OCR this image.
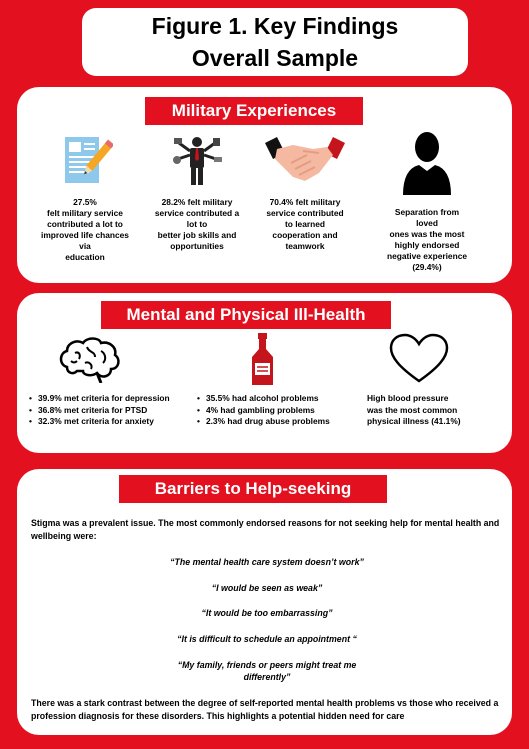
Figure 1. Key Findings
Overall Sample
Military Experiences
27.5%
felt military service
contributed a lot to
improved life chances
via
education
28.2% felt military
service contributed a
lot to
better job skills and
opportunities
70.4% felt military
service contributed
to learned
cooperation and
teamwork
Separation from
loved
ones was the most
highly endorsed
negative experience
(29.4%)
Mental and Physical Ill-Health
• 39.9% met criteria for depression
• 36.8% met criteria for PTSD
• 32.3% met criteria for anxiety
• 35.5% had alcohol problems
• 4% had gambling problems
• 2.3% had drug abuse problems
High blood pressure
was the most common
physical illness (41.1%)
Barriers to Help-seeking
Stigma was a prevalent issue. The most commonly endorsed reasons for not seeking help for mental health and wellbeing were:
“The mental health care system doesn’t work”
“I would be seen as weak”
“It would be too embarrassing”
“It is difficult to schedule an appointment “
“My family, friends or peers might treat me
differently”
There was a stark contrast between the degree of self-reported mental health problems vs those who received a profession diagnosis for these disorders. This highlights a potential hidden need for care
